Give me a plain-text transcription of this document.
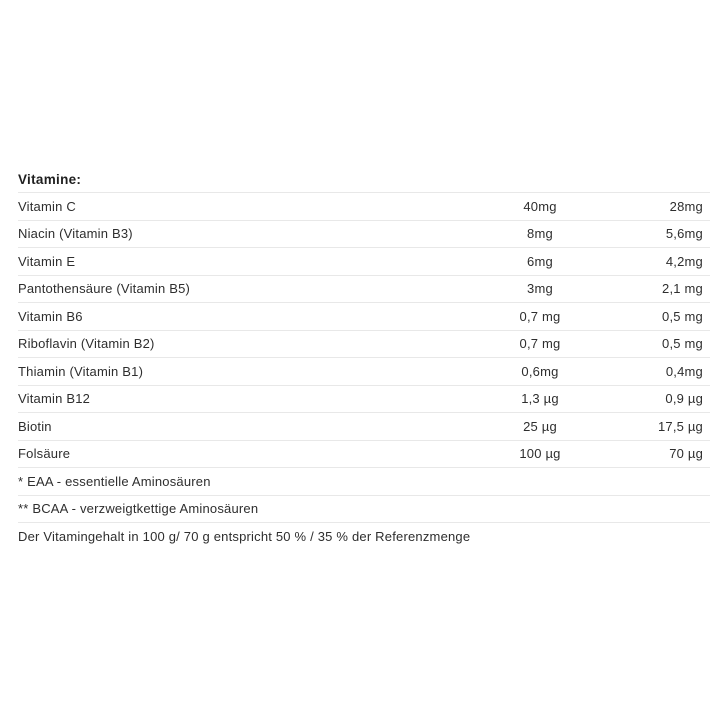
Vitamine:
Vitamin C	40mg	28mg
Niacin (Vitamin B3)	8mg	5,6mg
Vitamin E	6mg	4,2mg
Pantothensäure (Vitamin B5)	3mg	2,1 mg
Vitamin B6	0,7 mg	0,5 mg
Riboflavin (Vitamin B2)	0,7 mg	0,5 mg
Thiamin (Vitamin B1)	0,6mg	0,4mg
Vitamin B12	1,3 µg	0,9 µg
Biotin	25 µg	17,5 µg
Folsäure	100 µg	70 µg
* EAA - essentielle Aminosäuren
** BCAA - verzweigtkettige Aminosäuren
Der Vitamingehalt in 100 g/ 70 g entspricht 50 % / 35 % der Referenzmenge
